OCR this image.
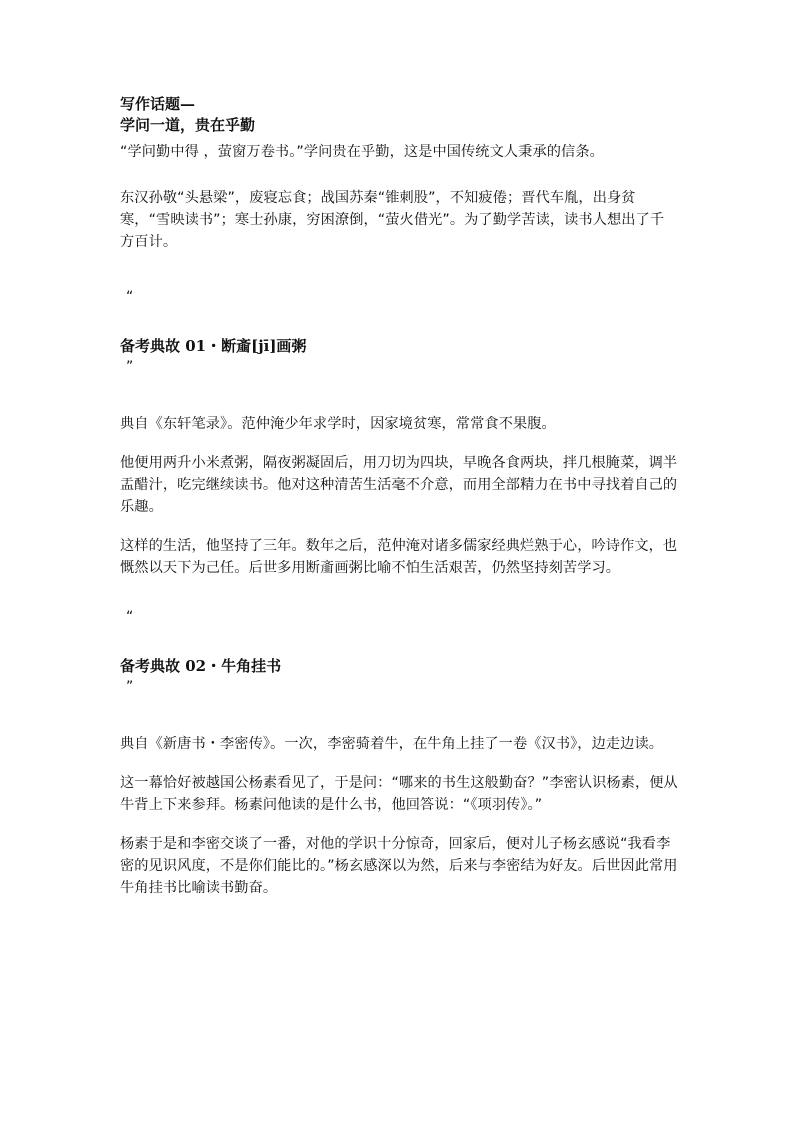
写作话题—
学问一道，贵在乎勤

“学问勤中得 ，萤窗万卷书。”学问贵在乎勤，这是中国传统文人秉承的信条。

东汉孙敬“头悬梁”，废寝忘食；战国苏秦“锥刺股”，不知疲倦；晋代车胤，出身贫寒，“雪映读书”；寒士孙康，穷困潦倒，“萤火借光”。为了勤学苦读，读书人想出了千方百计。

“
备考典故 01・断齑[jī]画粥
”

典自《东轩笔录》。范仲淹少年求学时，因家境贫寒，常常食不果腹。

他便用两升小米煮粥，隔夜粥凝固后，用刀切为四块，早晚各食两块，拌几根腌菜，调半盂醋汁，吃完继续读书。他对这种清苦生活毫不介意，而用全部精力在书中寻找着自己的乐趣。

这样的生活，他坚持了三年。数年之后，范仲淹对诸多儒家经典烂熟于心，吟诗作文，也慨然以天下为己任。后世多用断齑画粥比喻不怕生活艰苦，仍然坚持刻苦学习。

“
备考典故 02・牛角挂书
”

典自《新唐书・李密传》。一次，李密骑着牛，在牛角上挂了一卷《汉书》，边走边读。

这一幕恰好被越国公杨素看见了，于是问：“哪来的书生这般勤奋？”李密认识杨素，便从牛背上下来参拜。杨素问他读的是什么书，他回答说：“《项羽传》。”

杨素于是和李密交谈了一番，对他的学识十分惊奇，回家后，便对儿子杨玄感说“我看李密的见识风度，不是你们能比的。”杨玄感深以为然，后来与李密结为好友。后世因此常用牛角挂书比喻读书勤奋。
